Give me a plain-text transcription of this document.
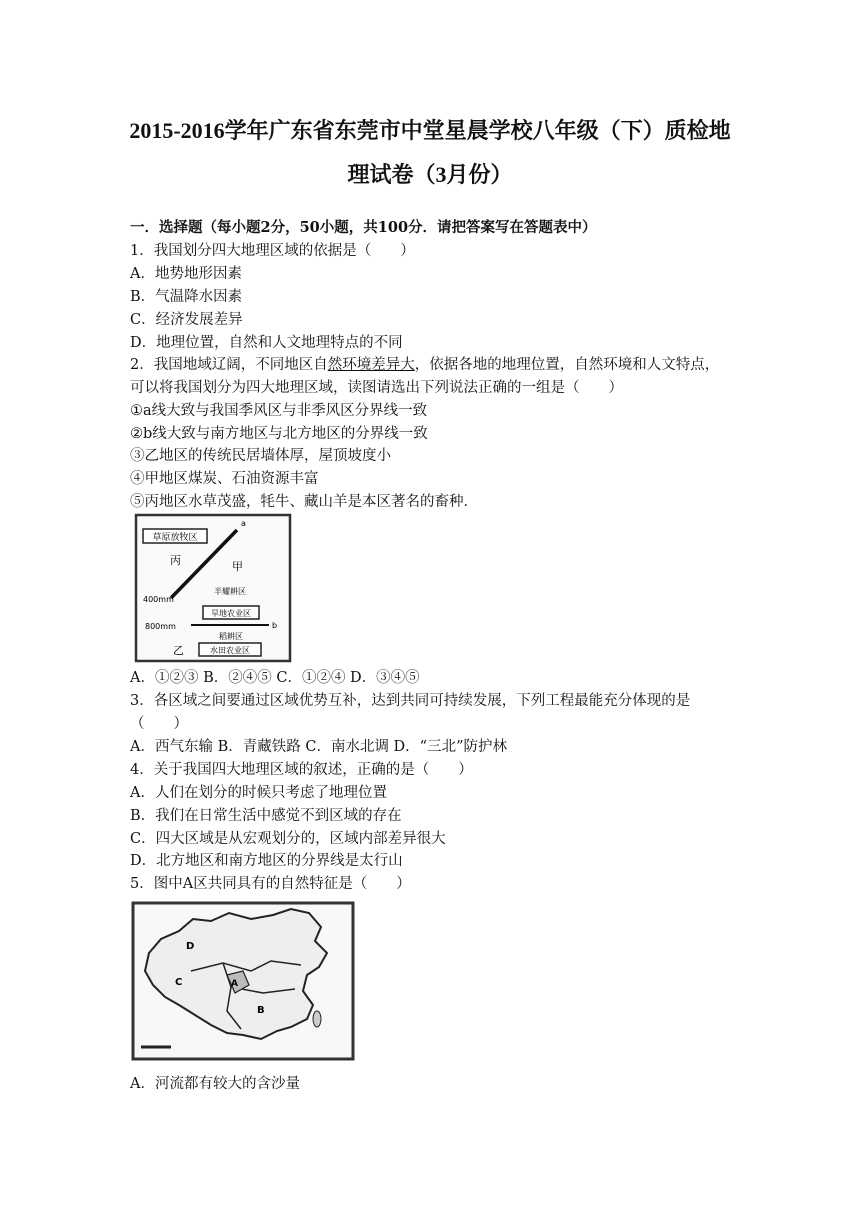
2015-2016学年广东省东莞市中堂星晨学校八年级（下）质检地
理试卷（3月份）
一．选择题（每小题2分，50小题，共100分．请把答案写在答题表中）
1．我国划分四大地理区域的依据是（　　）
A．地势地形因素
B．气温降水因素
C．经济发展差异
D．地理位置，自然和人文地理特点的不同
2．我国地域辽阔，不同地区自然环境差异大，依据各地的地理位置，自然环境和人文特点，
可以将我国划分为四大地理区域，读图请选出下列说法正确的一组是（　　）
①a线大致与我国季风区与非季风区分界线一致
②b线大致与南方地区与北方地区的分界线一致
③乙地区的传统民居墙体厚，屋顶坡度小
④甲地区煤炭、石油资源丰富
⑤丙地区水草茂盛，牦牛、藏山羊是本区著名的畜种．
草原放牧区
a
丙	甲
400mm
半耀耕区
旱地农业区
b
800mm
稻耕区
乙	水田农业区
A．①②③ B．②④⑤ C．①②④ D．③④⑤
3．各区域之间要通过区域优势互补，达到共同可持续发展，下列工程最能充分体现的是
（　　）
A．西气东输 B．青藏铁路 C．南水北调 D．“三北”防护林
4．关于我国四大地理区域的叙述，正确的是（　　）
A．人们在划分的时候只考虑了地理位置
B．我们在日常生活中感觉不到区域的存在
C．四大区域是从宏观划分的，区域内部差异很大
D．北方地区和南方地区的分界线是太行山
5．图中A区共同具有的自然特征是（　　）
D
C	A
B
A．河流都有较大的含沙量
